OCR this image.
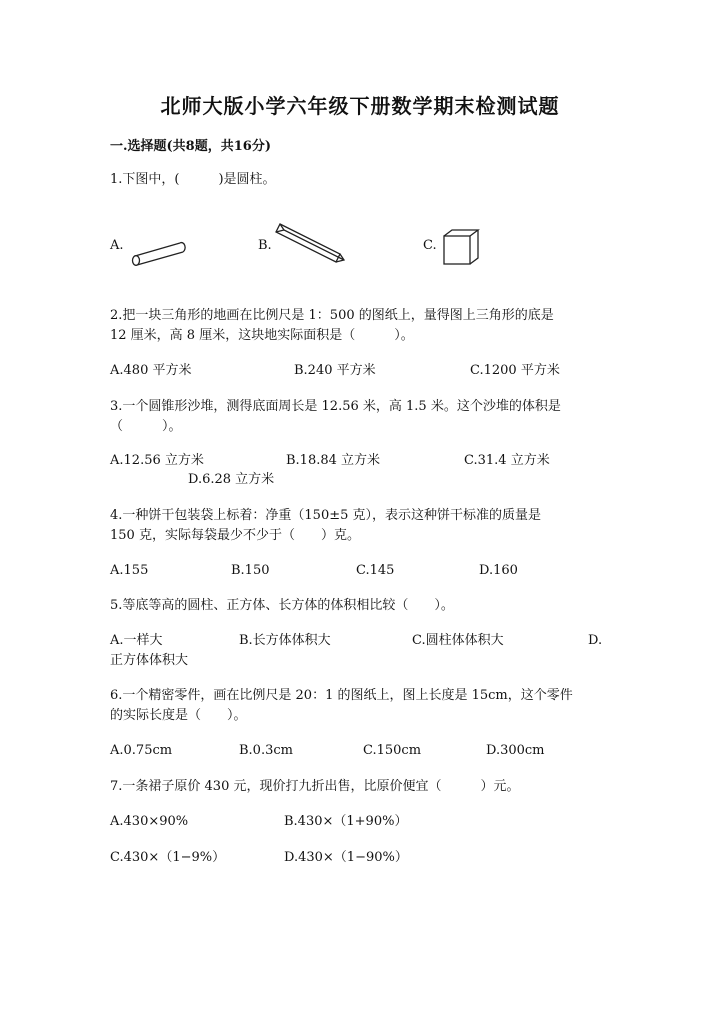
北师大版小学六年级下册数学期末检测试题
一.选择题(共8题，共16分)
1.下图中，(　　　)是圆柱。
A.	B.	C.
2.把一块三角形的地画在比例尺是 1：500 的图纸上，量得图上三角形的底是
12 厘米，高 8 厘米，这块地实际面积是（　　　）。
A.480 平方米	B.240 平方米	C.1200 平方米
3.一个圆锥形沙堆，测得底面周长是 12.56 米，高 1.5 米。这个沙堆的体积是
（　　　）。
A.12.56 立方米	B.18.84 立方米	C.31.4 立方米
D.6.28 立方米
4.一种饼干包装袋上标着：净重（150±5 克），表示这种饼干标准的质量是
150 克，实际每袋最少不少于（　　）克。
A.155	B.150	C.145	D.160
5.等底等高的圆柱、正方体、长方体的体积相比较（　　）。
A.一样大	B.长方体体积大	C.圆柱体体积大	D.
正方体体积大
6.一个精密零件，画在比例尺是 20：1 的图纸上，图上长度是 15cm，这个零件
的实际长度是（　　）。
A.0.75cm	B.0.3cm	C.150cm	D.300cm
7.一条裙子原价 430 元，现价打九折出售，比原价便宜（　　　）元。
A.430×90%	B.430×（1+90%）
C.430×（1−9%）	D.430×（1−90%）
